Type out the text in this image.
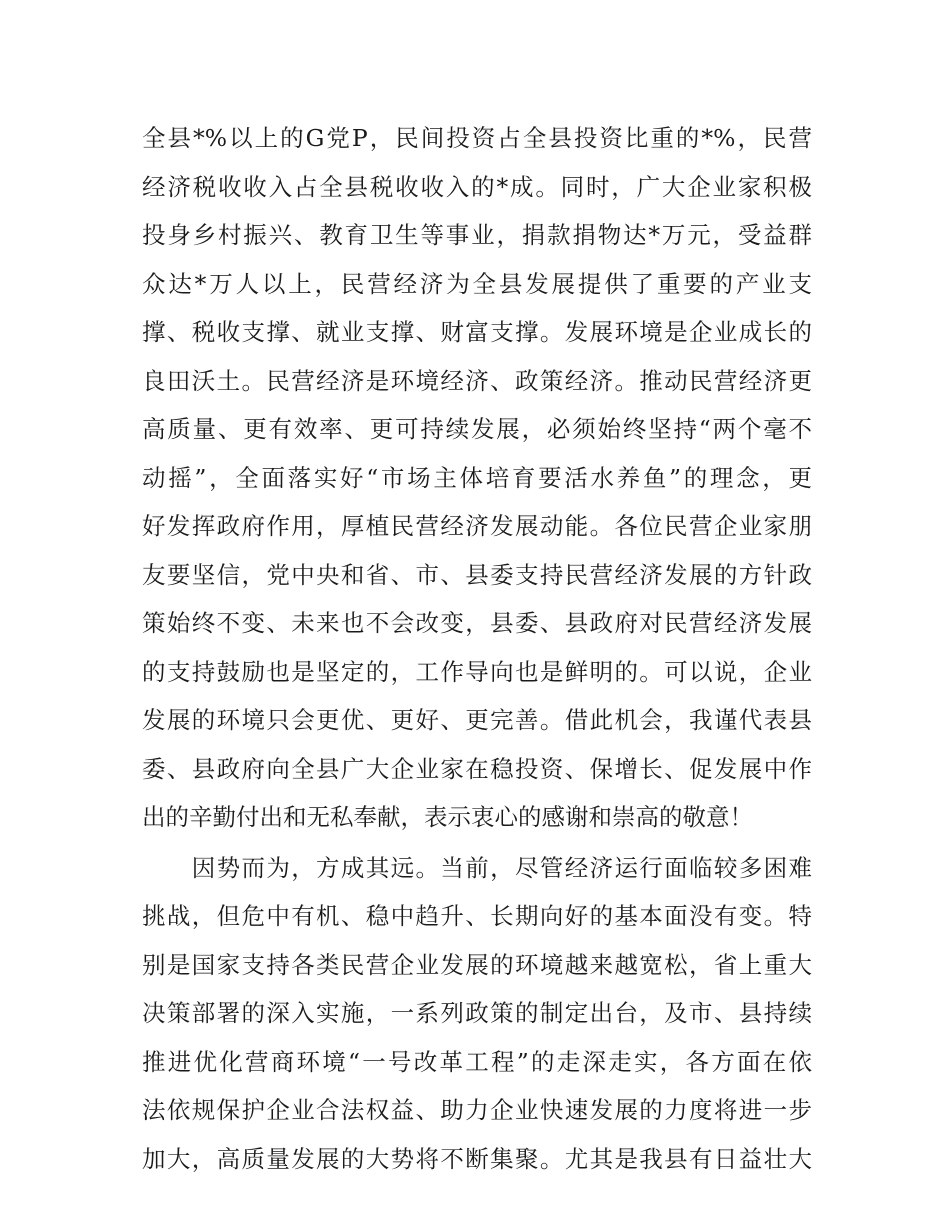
全县*%以上的G党P，民间投资占全县投资比重的*%，民营
经济税收收入占全县税收收入的*成。同时，广大企业家积极
投身乡村振兴、教育卫生等事业，捐款捐物达*万元，受益群
众达*万人以上，民营经济为全县发展提供了重要的产业支
撑、税收支撑、就业支撑、财富支撑。发展环境是企业成长的
良田沃土。民营经济是环境经济、政策经济。推动民营经济更
高质量、更有效率、更可持续发展，必须始终坚持“两个毫不
动摇”，全面落实好“市场主体培育要活水养鱼”的理念，更
好发挥政府作用，厚植民营经济发展动能。各位民营企业家朋
友要坚信，党中央和省、市、县委支持民营经济发展的方针政
策始终不变、未来也不会改变，县委、县政府对民营经济发展
的支持鼓励也是坚定的，工作导向也是鲜明的。可以说，企业
发展的环境只会更优、更好、更完善。借此机会，我谨代表县
委、县政府向全县广大企业家在稳投资、保增长、促发展中作
出的辛勤付出和无私奉献，表示衷心的感谢和崇高的敬意！
　　因势而为，方成其远。当前，尽管经济运行面临较多困难
挑战，但危中有机、稳中趋升、长期向好的基本面没有变。特
别是国家支持各类民营企业发展的环境越来越宽松，省上重大
决策部署的深入实施，一系列政策的制定出台，及市、县持续
推进优化营商环境“一号改革工程”的走深走实，各方面在依
法依规保护企业合法权益、助力企业快速发展的力度将进一步
加大，高质量发展的大势将不断集聚。尤其是我县有日益壮大
